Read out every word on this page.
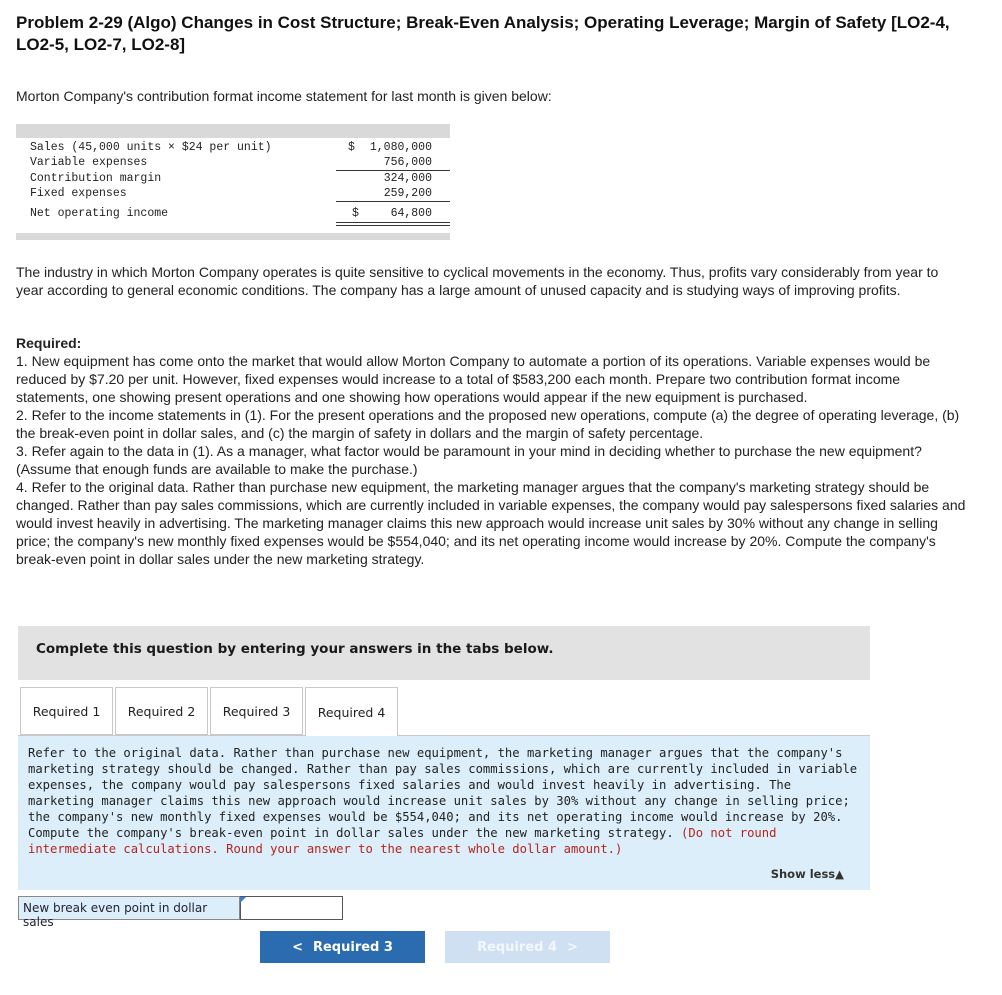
Problem 2-29 (Algo) Changes in Cost Structure; Break-Even Analysis; Operating Leverage; Margin of Safety [LO2-4, LO2-5, LO2-7, LO2-8]
Morton Company's contribution format income statement for last month is given below:
Sales (45,000 units × $24 per unit)	$ 1,080,000
Variable expenses	756,000
Contribution margin	324,000
Fixed expenses	259,200
Net operating income	$	64,800
The industry in which Morton Company operates is quite sensitive to cyclical movements in the economy. Thus, profits vary considerably from year to year according to general economic conditions. The company has a large amount of unused capacity and is studying ways of improving profits.
Required:
1. New equipment has come onto the market that would allow Morton Company to automate a portion of its operations. Variable expenses would be reduced by $7.20 per unit. However, fixed expenses would increase to a total of $583,200 each month. Prepare two contribution format income statements, one showing present operations and one showing how operations would appear if the new equipment is purchased.
2. Refer to the income statements in (1). For the present operations and the proposed new operations, compute (a) the degree of operating leverage, (b) the break-even point in dollar sales, and (c) the margin of safety in dollars and the margin of safety percentage.
3. Refer again to the data in (1). As a manager, what factor would be paramount in your mind in deciding whether to purchase the new equipment? (Assume that enough funds are available to make the purchase.)
4. Refer to the original data. Rather than purchase new equipment, the marketing manager argues that the company's marketing strategy should be changed. Rather than pay sales commissions, which are currently included in variable expenses, the company would pay salespersons fixed salaries and would invest heavily in advertising. The marketing manager claims this new approach would increase unit sales by 30% without any change in selling price; the company's new monthly fixed expenses would be $554,040; and its net operating income would increase by 20%. Compute the company's break-even point in dollar sales under the new marketing strategy.
Complete this question by entering your answers in the tabs below.
Required 1	Required 2	Required 3	Required 4
Refer to the original data. Rather than purchase new equipment, the marketing manager argues that the company's marketing strategy should be changed. Rather than pay sales commissions, which are currently included in variable expenses, the company would pay salespersons fixed salaries and would invest heavily in advertising. The marketing manager claims this new approach would increase unit sales by 30% without any change in selling price; the company's new monthly fixed expenses would be $554,040; and its net operating income would increase by 20%. Compute the company's break-even point in dollar sales under the new marketing strategy. (Do not round intermediate calculations. Round your answer to the nearest whole dollar amount.)
Show less▲
New break even point in dollar sales
< Required 3	Required 4 >
